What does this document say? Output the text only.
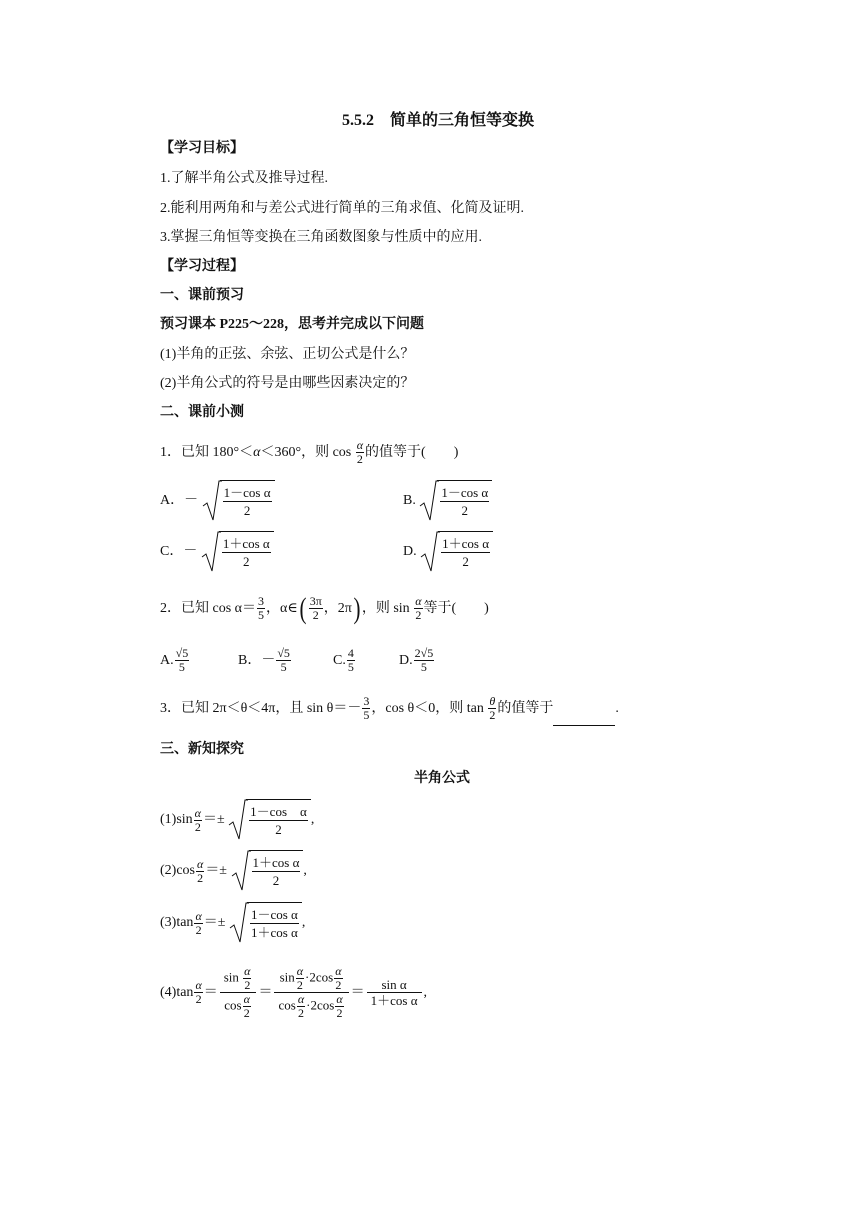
5.5.2　简单的三角恒等变换
【学习目标】
1.了解半角公式及推导过程.
2.能利用两角和与差公式进行简单的三角求值、化简及证明.
3.掌握三角恒等变换在三角函数图象与性质中的应用.
【学习过程】
一、课前预习
预习课本 P225～228，思考并完成以下问题
(1)半角的正弦、余弦、正切公式是什么？
(2)半角公式的符号是由哪些因素决定的？
二、课前小测
1．已知 180°＜α＜360°，则 $\cos \frac{\alpha}{2}$ 的值等于(　　)
A．－ $\frac{\text{1－cos α}}{2}$	B. $\frac{\text{1－cos α}}{2}$
C．－ $\frac{\text{1＋cos α}}{2}$	D. $\frac{\text{1＋cos α}}{2}$
2．已知 $\cos \alpha= \frac{3}{5}$ ，α∈( $\frac{3\pi}{2}$ ，2π) ，则 $\sin \frac{\alpha}{2}$ 等于(　　)
A. $\frac{√5}{5}$	B．－ $\frac{√5}{5}$	C. $\frac{4}{5}$	D. $\frac{2√5}{5}$
3．已知 2π＜θ＜4π，且 $\sin \theta=- \frac{3}{5}$ ，cos θ＜0，则 $\tan \frac{\theta}{2}$ 的值等于	.
三、新知探究
半角公式
$(1)\sin \frac{\alpha}{2} =\pm \frac{\text{1－cos　α}}{2}$ ,
$(2)\cos \frac{\alpha}{2} =\pm \frac{\text{1＋cos α}}{2}$ ,
$(3)\tan \frac{\alpha}{2} =\pm \frac{\text{1－cos α}}{\text{1＋cos α}}$ ,
$(4)\tan \frac{\alpha}{2} = \frac{\sin \frac{\alpha}{2}}{\cos \frac{\alpha}{2}} = \frac{\sin \frac{\alpha}{2} \cdot 2\cos \frac{\alpha}{2}}{\cos \frac{\alpha}{2} \cdot 2\cos \frac{\alpha}{2}} = \frac{\text{sin α}}{\text{1＋cos α}}$ ,
